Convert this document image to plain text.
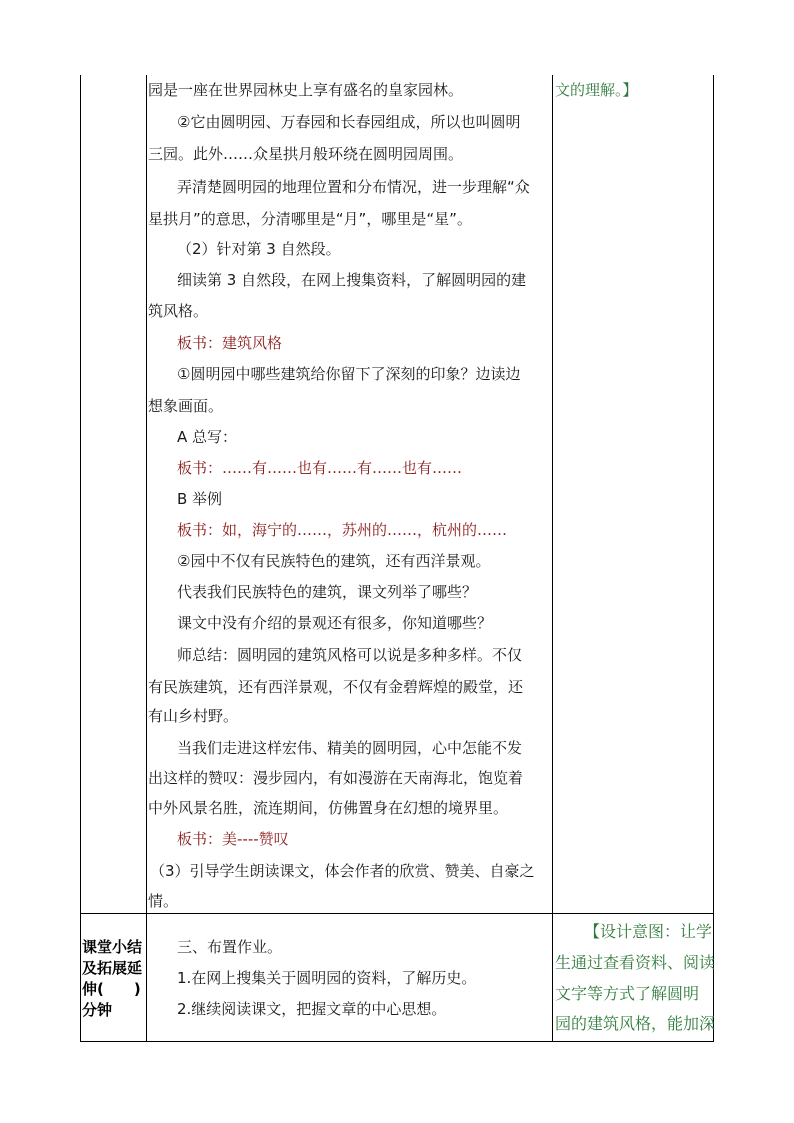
园是一座在世界园林史上享有盛名的皇家园林。
②它由圆明园、万春园和长春园组成，所以也叫圆明
三园。此外……众星拱月般环绕在圆明园周围。
弄清楚圆明园的地理位置和分布情况，进一步理解“众
星拱月”的意思，分清哪里是“月”，哪里是“星”。
（2）针对第 3 自然段。
细读第 3 自然段，在网上搜集资料，了解圆明园的建
筑风格。
板书：建筑风格
①圆明园中哪些建筑给你留下了深刻的印象？边读边
想象画面。
A 总写：
板书：……有……也有……有……也有……
B 举例
板书：如，海宁的……，苏州的……，杭州的……
②园中不仅有民族特色的建筑，还有西洋景观。
代表我们民族特色的建筑，课文列举了哪些？
课文中没有介绍的景观还有很多，你知道哪些？
师总结：圆明园的建筑风格可以说是多种多样。不仅
有民族建筑，还有西洋景观，不仅有金碧辉煌的殿堂，还
有山乡村野。
当我们走进这样宏伟、精美的圆明园，心中怎能不发
出这样的赞叹：漫步园内，有如漫游在天南海北，饱览着
中外风景名胜，流连期间，仿佛置身在幻想的境界里。
板书：美----赞叹
（3）引导学生朗读课文，体会作者的欣赏、赞美、自豪之
情。
文的理解。】
课堂小结
及拓展延
伸(　　)
分钟
三、布置作业。
1.在网上搜集关于圆明园的资料，了解历史。
2.继续阅读课文，把握文章的中心思想。
【设计意图：让学
生通过查看资料、阅读
文字等方式了解圆明
园的建筑风格，能加深
